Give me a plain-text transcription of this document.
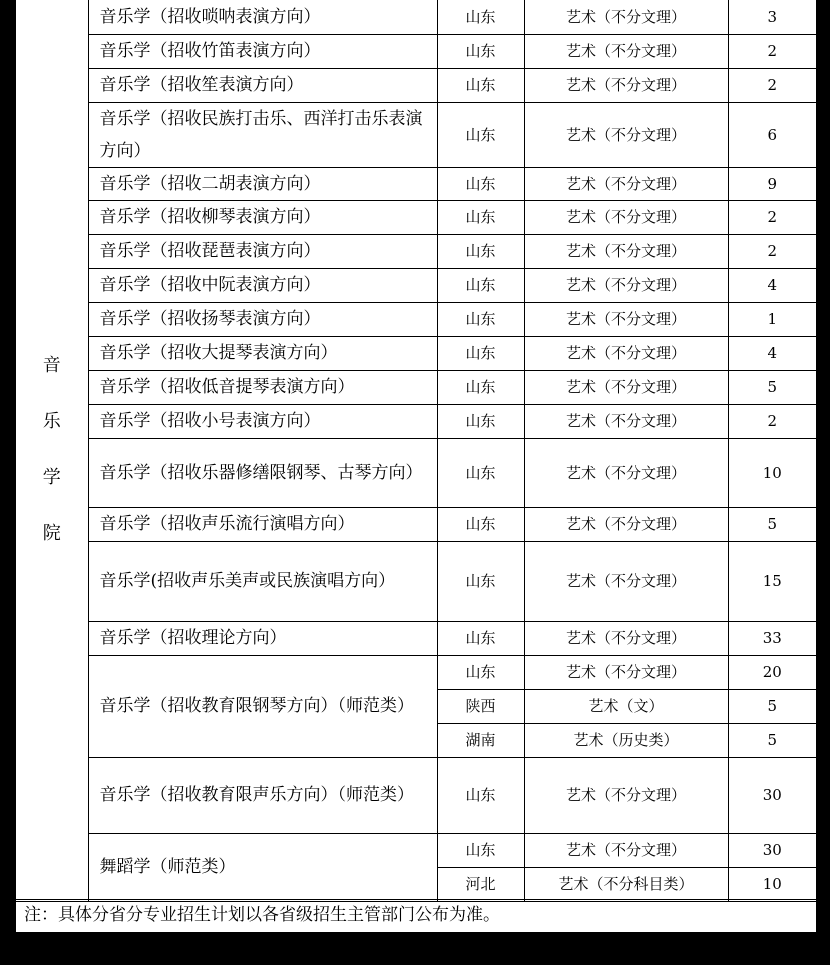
音
乐
学
院	音乐学（招收唢呐表演方向）	山东	艺术（不分文理）	3
	音乐学（招收竹笛表演方向）	山东	艺术（不分文理）	2
	音乐学（招收笙表演方向）	山东	艺术（不分文理）	2
	音乐学（招收民族打击乐、西洋打击乐表演方向）	山东	艺术（不分文理）	6
	音乐学（招收二胡表演方向）	山东	艺术（不分文理）	9
	音乐学（招收柳琴表演方向）	山东	艺术（不分文理）	2
	音乐学（招收琵琶表演方向）	山东	艺术（不分文理）	2
	音乐学（招收中阮表演方向）	山东	艺术（不分文理）	4
	音乐学（招收扬琴表演方向）	山东	艺术（不分文理）	1
	音乐学（招收大提琴表演方向）	山东	艺术（不分文理）	4
	音乐学（招收低音提琴表演方向）	山东	艺术（不分文理）	5
	音乐学（招收小号表演方向）	山东	艺术（不分文理）	2
	音乐学（招收乐器修缮限钢琴、古琴方向）	山东	艺术（不分文理）	10
	音乐学（招收声乐流行演唱方向）	山东	艺术（不分文理）	5
	音乐学(招收声乐美声或民族演唱方向）	山东	艺术（不分文理）	15
	音乐学（招收理论方向）	山东	艺术（不分文理）	33
	音乐学（招收教育限钢琴方向）（师范类）	山东	艺术（不分文理）	20
		陕西	艺术（文）	5
		湖南	艺术（历史类）	5
	音乐学（招收教育限声乐方向）（师范类）	山东	艺术（不分文理）	30
	舞蹈学（师范类）	山东	艺术（不分文理）	30
		河北	艺术（不分科目类）	10
注：具体分省分专业招生计划以各省级招生主管部门公布为准。
